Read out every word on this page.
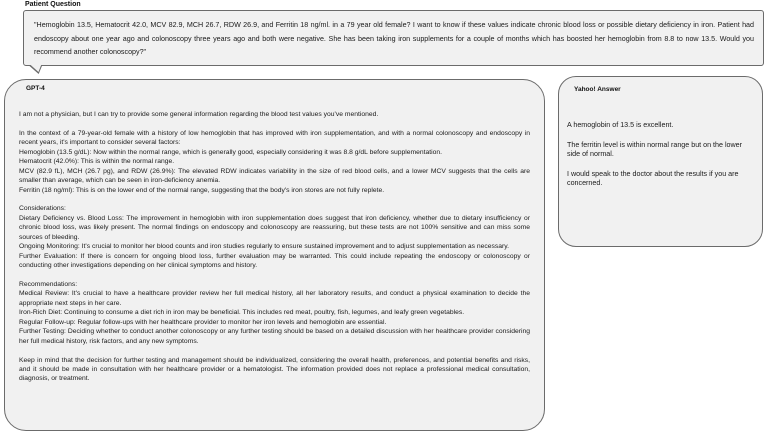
Patient Question
"Hemoglobin 13.5, Hematocrit 42.0, MCV 82.9, MCH 26.7, RDW 26.9, and Ferritin 18 ng/ml. in a 79 year old female? I want to know if these values indicate chronic blood loss or possible dietary deficiency in iron. Patient had endoscopy about one year ago and colonoscopy three years ago and both were negative. She has been taking iron supplements for a couple of months which has boosted her hemoglobin from 8.8 to now 13.5. Would you recommend another colonoscopy?"

I am not a physician, but I can try to provide some general information regarding the blood test values you've mentioned.

In the context of a 79-year-old female with a history of low hemoglobin that has improved with iron supplementation, and with a normal colonoscopy and endoscopy in recent years, it's important to consider several factors:
Hemoglobin (13.5 g/dL): Now within the normal range, which is generally good, especially considering it was 8.8 g/dL before supplementation.
Hematocrit (42.0%): This is within the normal range.
MCV (82.9 fL), MCH (26.7 pg), and RDW (26.9%): The elevated RDW indicates variability in the size of red blood cells, and a lower MCV suggests that the cells are smaller than average, which can be seen in iron-deficiency anemia.
Ferritin (18 ng/ml): This is on the lower end of the normal range, suggesting that the body's iron stores are not fully replete.

Considerations:
Dietary Deficiency vs. Blood Loss: The improvement in hemoglobin with iron supplementation does suggest that iron deficiency, whether due to dietary insufficiency or chronic blood loss, was likely present. The normal findings on endoscopy and colonoscopy are reassuring, but these tests are not 100% sensitive and can miss some sources of bleeding.
Ongoing Monitoring: It's crucial to monitor her blood counts and iron studies regularly to ensure sustained improvement and to adjust supplementation as necessary.
Further Evaluation: If there is concern for ongoing blood loss, further evaluation may be warranted. This could include repeating the endoscopy or colonoscopy or conducting other investigations depending on her clinical symptoms and history.

Recommendations:
Medical Review: It's crucial to have a healthcare provider review her full medical history, all her laboratory results, and conduct a physical examination to decide the appropriate next steps in her care.
Iron-Rich Diet: Continuing to consume a diet rich in iron may be beneficial. This includes red meat, poultry, fish, legumes, and leafy green vegetables.
Regular Follow-up: Regular follow-ups with her healthcare provider to monitor her iron levels and hemoglobin are essential.
Further Testing: Deciding whether to conduct another colonoscopy or any further testing should be based on a detailed discussion with her healthcare provider considering her full medical history, risk factors, and any new symptoms.

Keep in mind that the decision for further testing and management should be individualized, considering the overall health, preferences, and potential benefits and risks, and it should be made in consultation with her healthcare provider or a hematologist. The information provided does not replace a professional medical consultation, diagnosis, or treatment.

GPT-4

A hemoglobin of 13.5 is excellent.

The ferritin level is within normal range but on the lower side of normal.

I would speak to the doctor about the results if you are concerned.

Yahoo! Answer
